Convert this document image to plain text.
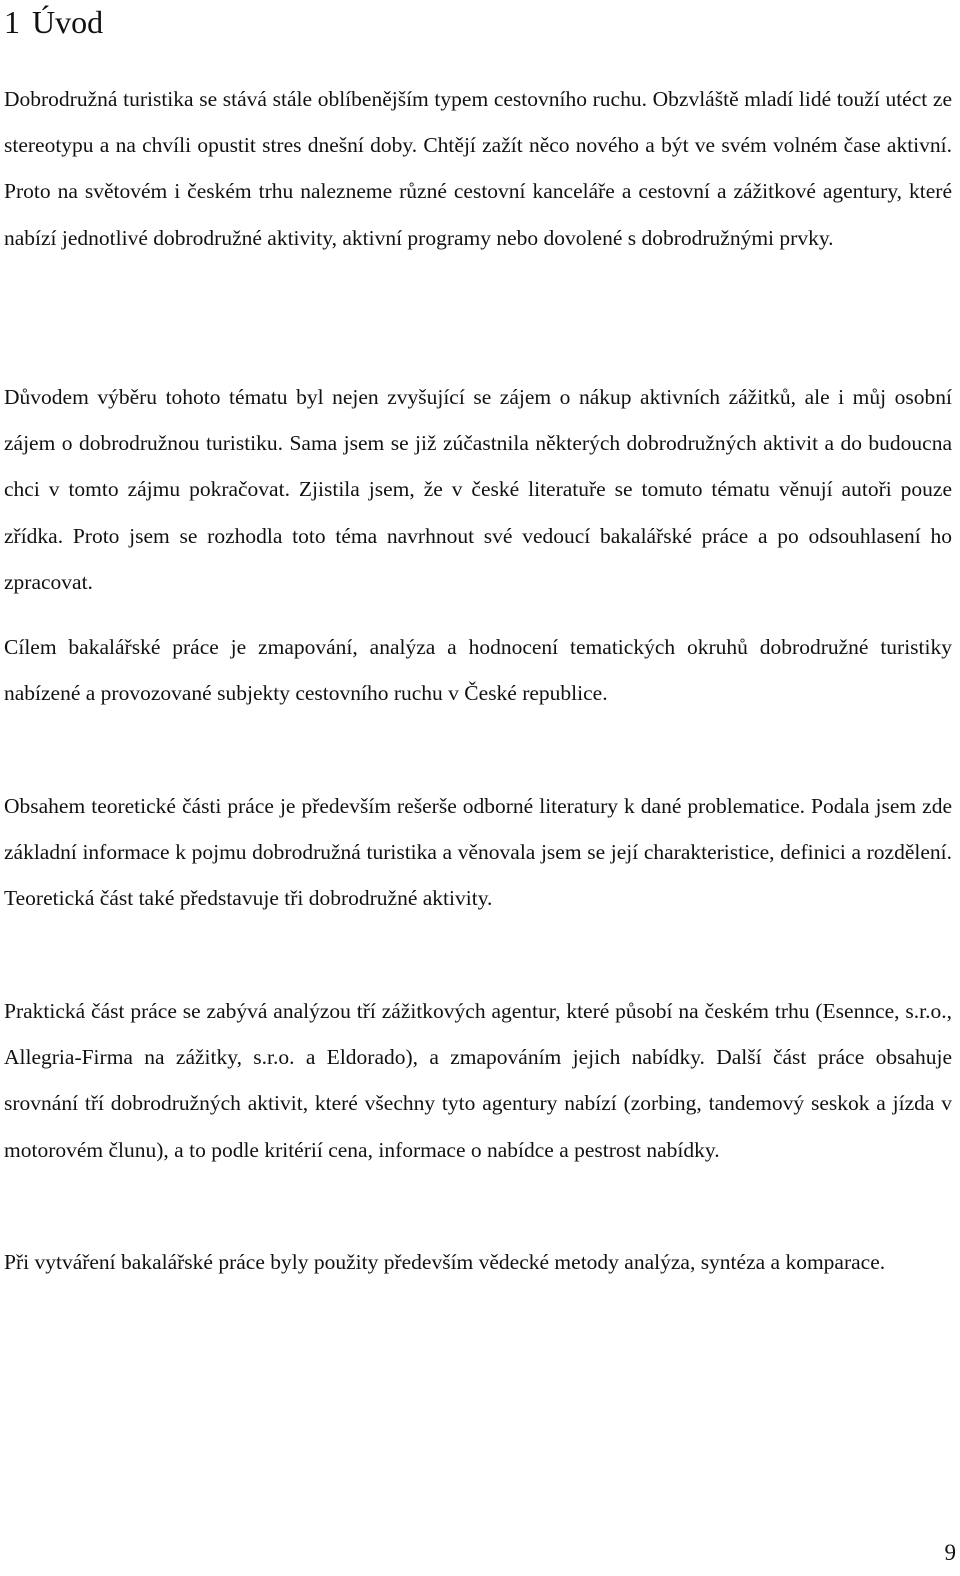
1 Úvod

Dobrodružná turistika se stává stále oblíbenějším typem cestovního ruchu. Obzvláště mladí lidé touží utéct ze stereotypu a na chvíli opustit stres dnešní doby. Chtějí zažít něco nového a být ve svém volném čase aktivní. Proto na světovém i českém trhu nalezneme různé cestovní kanceláře a cestovní a zážitkové agentury, které nabízí jednotlivé dobrodružné aktivity, aktivní programy nebo dovolené s dobrodružnými prvky.

Důvodem výběru tohoto tématu byl nejen zvyšující se zájem o nákup aktivních zážitků, ale i můj osobní zájem o dobrodružnou turistiku. Sama jsem se již zúčastnila některých dobrodružných aktivit a do budoucna chci v tomto zájmu pokračovat. Zjistila jsem, že v české literatuře se tomuto tématu věnují autoři pouze zřídka. Proto jsem se rozhodla toto téma navrhnout své vedoucí bakalářské práce a po odsouhlasení ho zpracovat.

Cílem bakalářské práce je zmapování, analýza a hodnocení tematických okruhů dobrodružné turistiky nabízené a provozované subjekty cestovního ruchu v České republice.

Obsahem teoretické části práce je především rešerše odborné literatury k dané problematice. Podala jsem zde základní informace k pojmu dobrodružná turistika a věnovala jsem se její charakteristice, definici a rozdělení. Teoretická část také představuje tři dobrodružné aktivity.

Praktická část práce se zabývá analýzou tří zážitkových agentur, které působí na českém trhu (Esennce, s.r.o., Allegria-Firma na zážitky, s.r.o. a Eldorado), a zmapováním jejich nabídky. Další část práce obsahuje srovnání tří dobrodružných aktivit, které všechny tyto agentury nabízí (zorbing, tandemový seskok a jízda v motorovém člunu), a to podle kritérií cena, informace o nabídce a pestrost nabídky.

Při vytváření bakalářské práce byly použity především vědecké metody analýza, syntéza a komparace.

9
